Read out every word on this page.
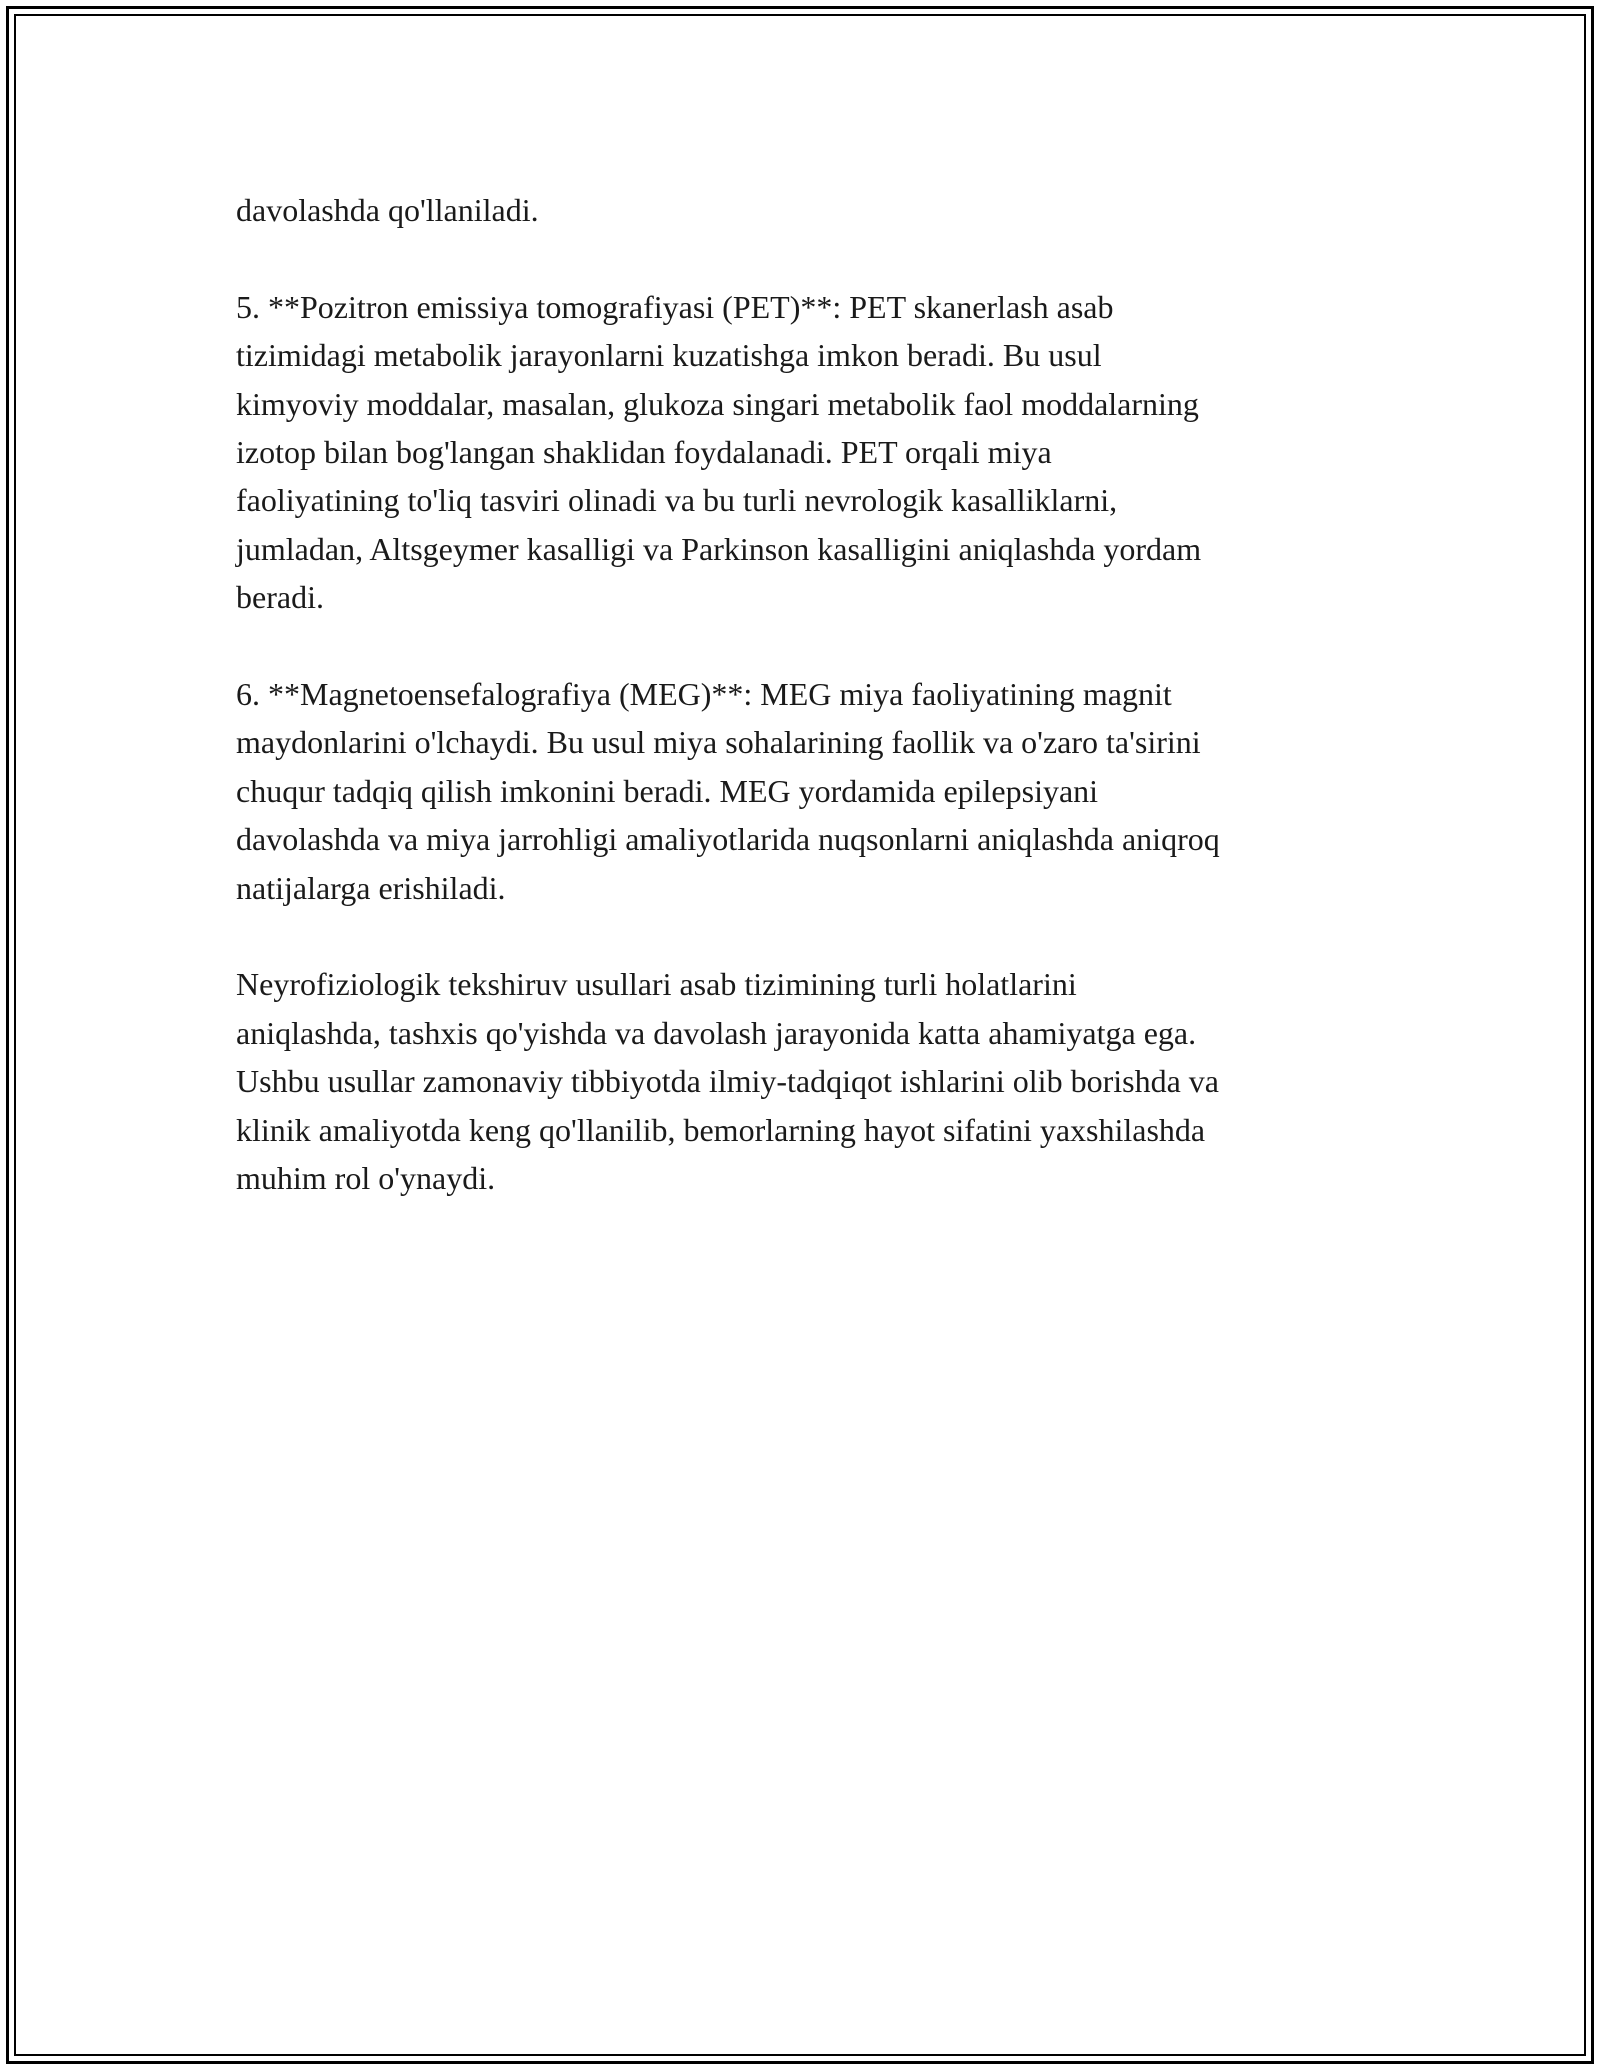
davolashda qo'llaniladi.

5. **Pozitron emissiya tomografiyasi (PET)**: PET skanerlash asab
tizimidagi metabolik jarayonlarni kuzatishga imkon beradi. Bu usul
kimyoviy moddalar, masalan, glukoza singari metabolik faol moddalarning
izotop bilan bog'langan shaklidan foydalanadi. PET orqali miya
faoliyatining to'liq tasviri olinadi va bu turli nevrologik kasalliklarni,
jumladan, Altsgeymer kasalligi va Parkinson kasalligini aniqlashda yordam
beradi.

6. **Magnetoensefalografiya (MEG)**: MEG miya faoliyatining magnit
maydonlarini o'lchaydi. Bu usul miya sohalarining faollik va o'zaro ta'sirini
chuqur tadqiq qilish imkonini beradi. MEG yordamida epilepsiyani
davolashda va miya jarrohligi amaliyotlarida nuqsonlarni aniqlashda aniqroq
natijalarga erishiladi.

Neyrofiziologik tekshiruv usullari asab tizimining turli holatlarini
aniqlashda, tashxis qo'yishda va davolash jarayonida katta ahamiyatga ega.
Ushbu usullar zamonaviy tibbiyotda ilmiy-tadqiqot ishlarini olib borishda va
klinik amaliyotda keng qo'llanilib, bemorlarning hayot sifatini yaxshilashda
muhim rol o'ynaydi.
